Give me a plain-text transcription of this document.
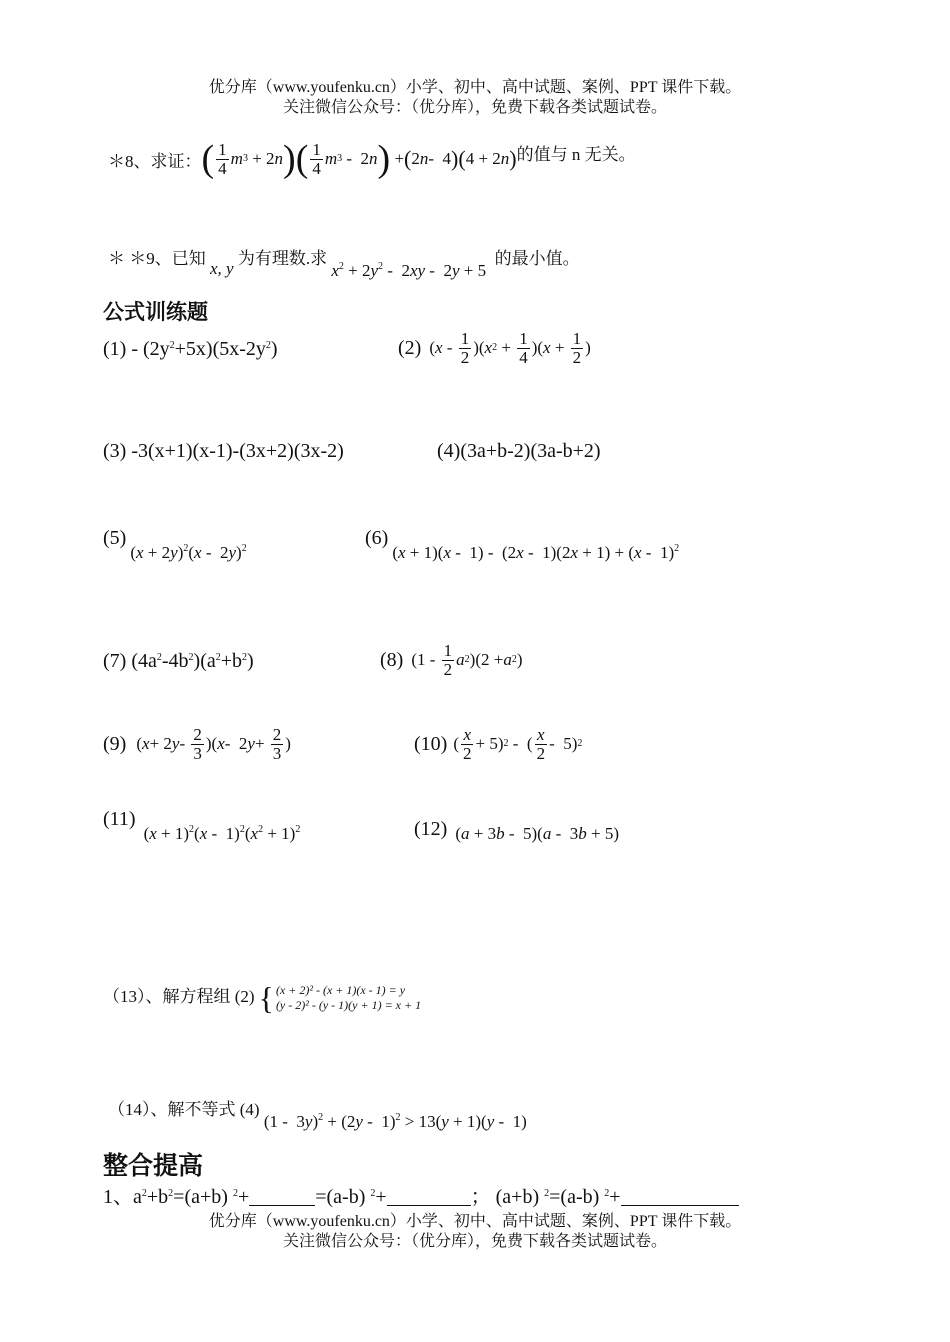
优分库（www.youfenku.cn）小学、初中、高中试题、案例、PPT 课件下载。
关注微信公众号：（优分库），免费下载各类试题试卷。
＊8、求证： ( 1
4 m 3 + 2 n ) ( 1
4 m 3 -  2 n ) + ( 2 n -  4 )( 4 + 2 n ) 的值与 n 无关。
＊ ＊9、已知 x, y 为有理数.求 $x^2 + 2y^2 - 2xy - 2y + 5$  的最小值。
公式训练题
$(1) - (2y^2+5x)(5x-2y^2)$	(2) ( x - 1
2 )( x 2 + 1
4 )( x + 1
2 )
(3) -3(x+1)(x-1)-(3x+2)(3x-2)	(4)(3a+b-2)(3a-b+2)
(5) $(x + 2y)^2(x - 2y)^2$	(6) (x + 1)(x -  1) -  (2x -  1)(2x + 1) + (x -  1)$^2$
(7) $(4a^2-4b^2)(a^2+b^2)$	(8) (1 - 1
2 a 2 )(2 + a 2 )
(9) ( x + 2 y - 2
3 )( x -  2 y + 2
3 )	(10) ( x
2 + 5) 2 -  ( x
2 -  5) 2
(11) $(x + 1)^2(x - 1)^2(x^2 + 1)^2$	(12) (a + 3b -  5)(a -  3b + 5)
（13）、解方程组 (2) { (x + 2)² - (x + 1)(x - 1) = y
(y - 2)² - (y - 1)(y + 1) = x + 1
（14）、解不等式 (4) (1 -  3y)$^2$ + (2y -  1)$^2$ > 13(y + 1)(y -  1)
整合提高
1、$a^2+b^2=(a+b)$ $^2$+	=(a-b) $^2$+	； (a+b) $^2$=(a-b) $^2$+
优分库（www.youfenku.cn）小学、初中、高中试题、案例、PPT 课件下载。
关注微信公众号：（优分库），免费下载各类试题试卷。
